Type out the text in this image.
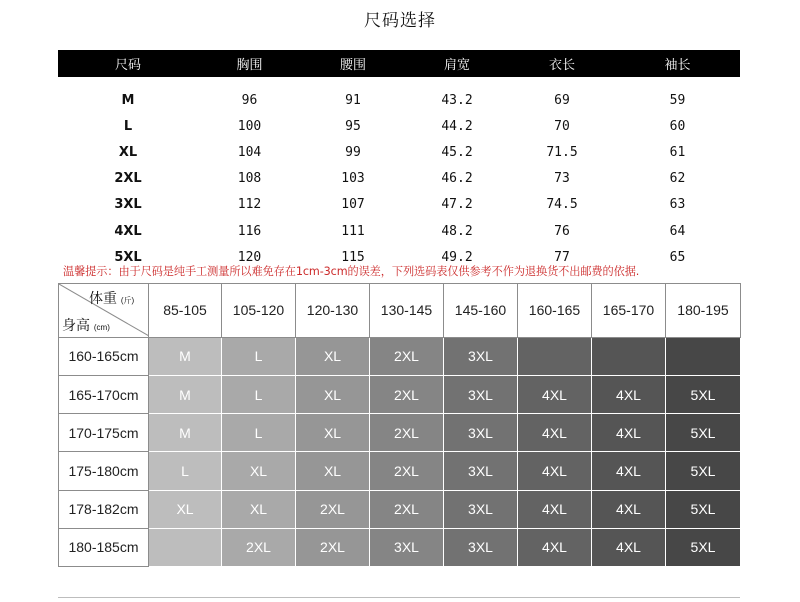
尺码选择
尺码	胸围	腰围	肩宽	衣长	袖长
M	96	91	43.2	69	59
L	100	95	44.2	70	60
XL	104	99	45.2	71.5	61
2XL	108	103	46.2	73	62
3XL	112	107	47.2	74.5	63
4XL	116	111	48.2	76	64
5XL	120	115	49.2	77	65
温馨提示：由于尺码是纯手工测量所以难免存在1cm-3cm的误差，下列选码表仅供参考不作为退换货不出邮费的依据.
体重 (斤)
身高 (cm)	85-105	105-120	120-130	130-145	145-160	160-165	165-170	180-195
160-165cm	M	L	XL	2XL	3XL			
165-170cm	M	L	XL	2XL	3XL	4XL	4XL	5XL
170-175cm	M	L	XL	2XL	3XL	4XL	4XL	5XL
175-180cm	L	XL	XL	2XL	3XL	4XL	4XL	5XL
178-182cm	XL	XL	2XL	2XL	3XL	4XL	4XL	5XL
180-185cm		2XL	2XL	3XL	3XL	4XL	4XL	5XL
